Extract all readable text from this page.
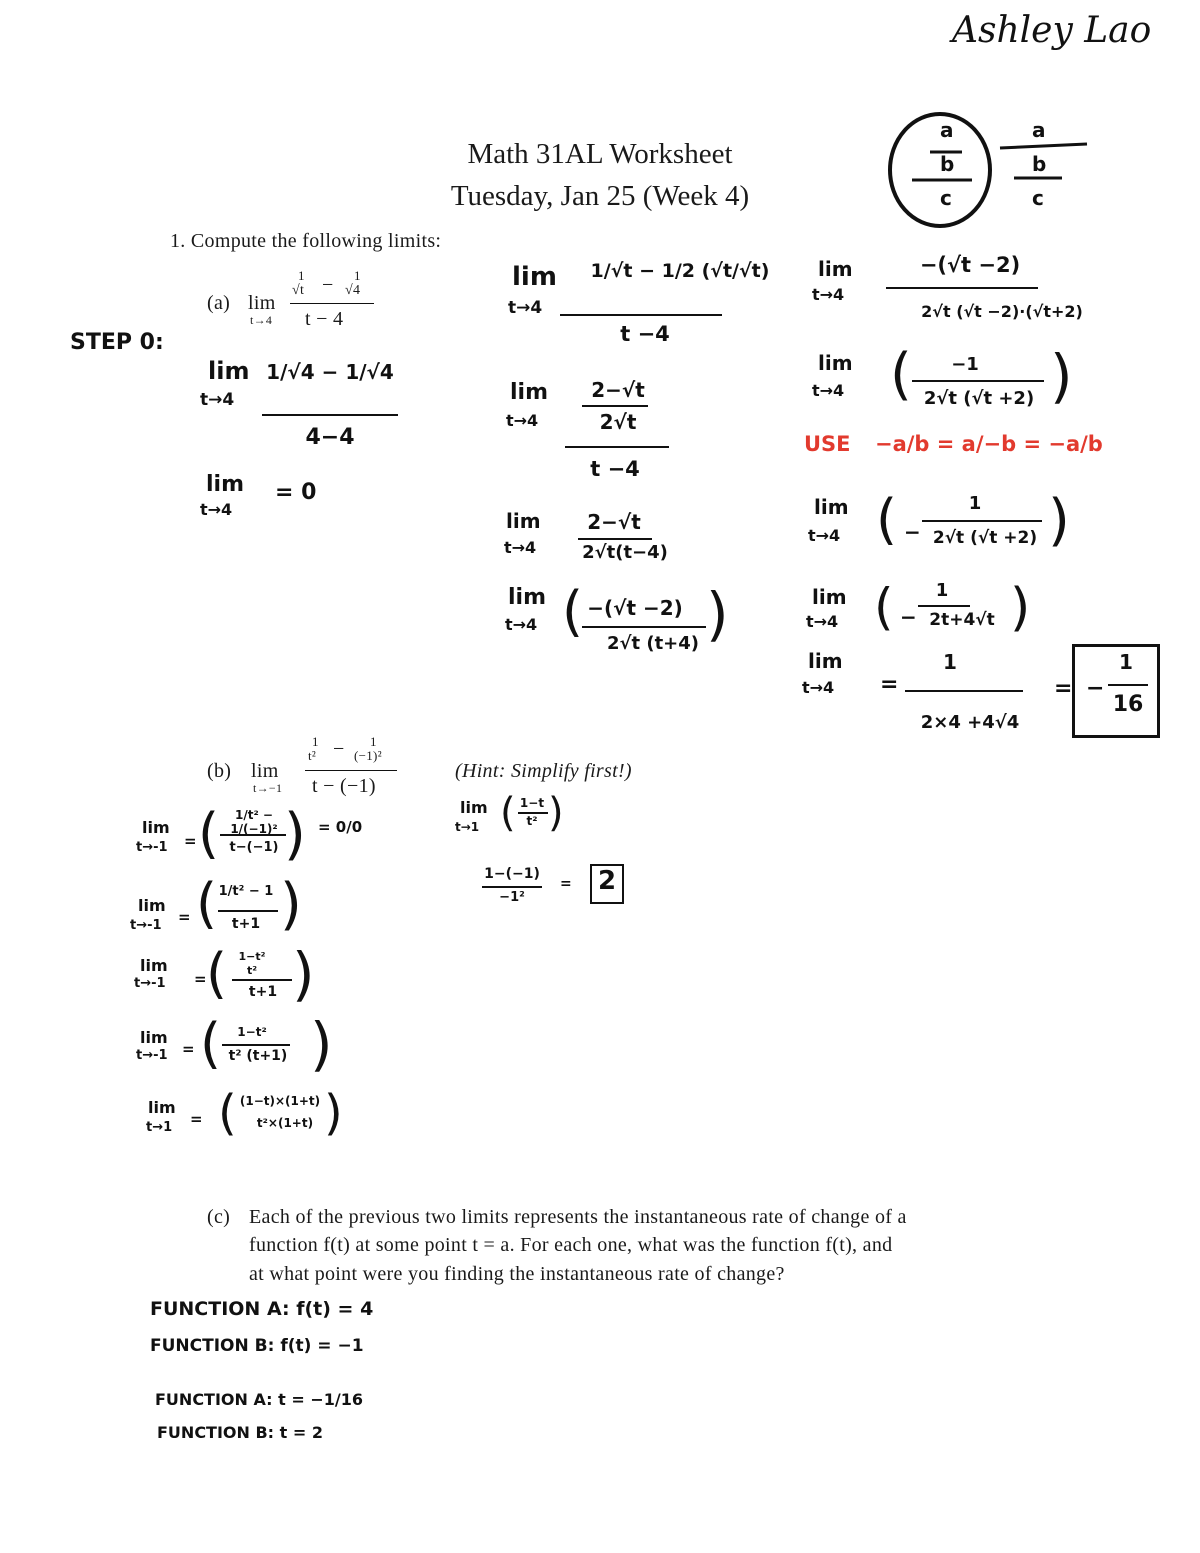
Ashley Lao
Math 31AL Worksheet
Tuesday, Jan 25 (Week 4)
a
b
c
a
b
c
1. Compute the following limits:
(a) lim
t→4
1
√t − 1
√4
t − 4
STEP 0:
lim
t→4
1/√4 − 1/√4
4−4
lim
t→4
= 0
lim
t→4
1/√t − 1/2 (√t/√t)
t −4
lim
t→4
2−√t
2√t
t −4
lim
t→4
2−√t
2√t(t−4)
lim
t→4 ( −(√t −2)
2√t (t+4) )
lim
t→4
−(√t −2)
2√t (√t −2)⋅(√t+2)
lim
t→4 (	−1
2√t (√t +2) )
USE −a/b = a/−b = −a/b
lim
t→4 ( −
1
2√t (√t +2) )
lim
t→4 ( −
1
2t+4√t )
lim
t→4 =
1
2×4 +4√4
= −
1
16
(b) lim
t→−1
1
t² − 1
(−1)²
t − (−1)
(Hint: Simplify first!)
lim
t→-1 = (	1/t² − 1/(−1)²
t−(−1) ) = 0/0
lim
t→-1 = ( 1/t² − 1
t+1 )
lim
t→-1 = (	1−t²
t²
t+1 )
lim
t→-1 = (	1−t²
t² (t+1) )
lim
t→1 = ( (1−t)×(1+t)
t²×(1+t) )
lim
t→1 ( 1−t
t² )
1−(−1)
−1²
= 2
(c) Each of the previous two limits represents the instantaneous rate of change of a
function f(t) at some point t = a. For each one, what was the function f(t), and
at what point were you finding the instantaneous rate of change?
FUNCTION A: f(t) = 4
FUNCTION B: f(t) = −1
FUNCTION A: t = −1/16
FUNCTION B: t = 2
